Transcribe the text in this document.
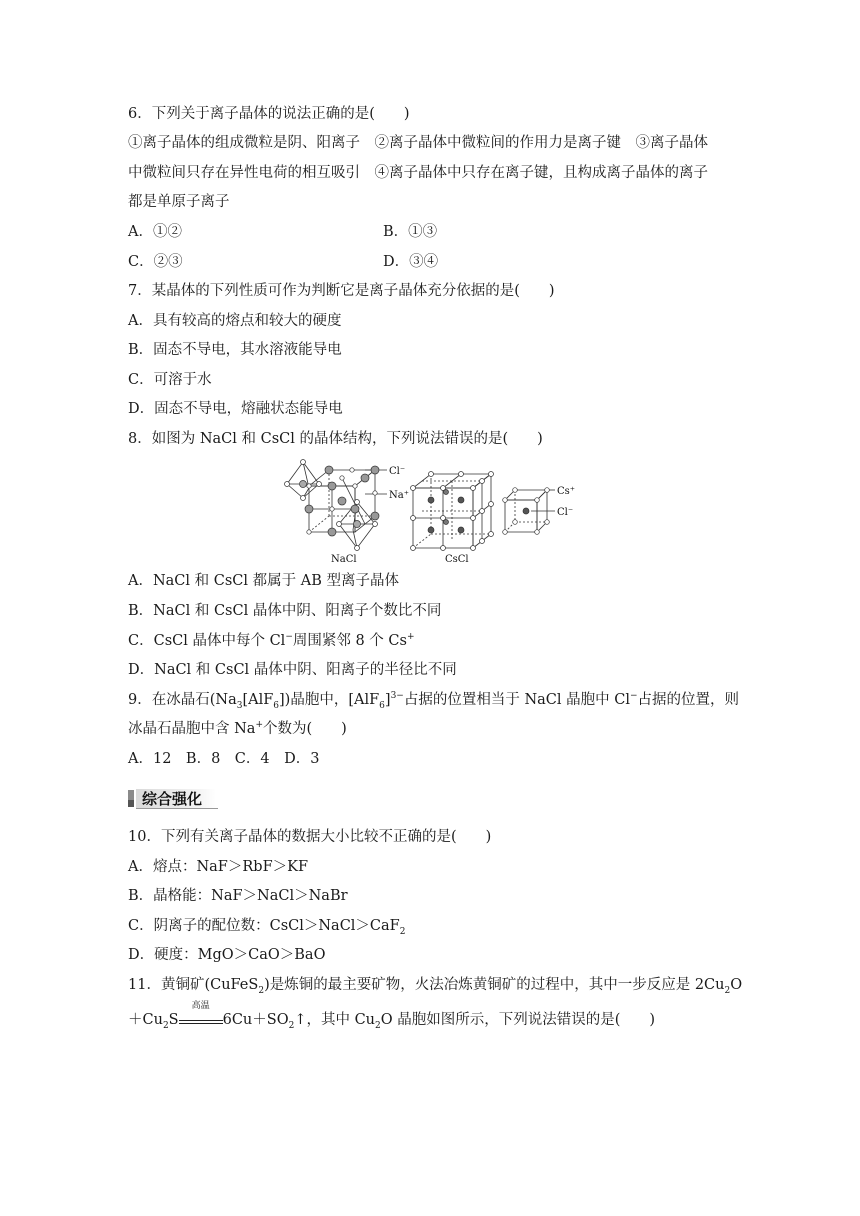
6．下列关于离子晶体的说法正确的是(　　)
①离子晶体的组成微粒是阴、阳离子　②离子晶体中微粒间的作用力是离子键　③离子晶体
中微粒间只存在异性电荷的相互吸引　④离子晶体中只存在离子键，且构成离子晶体的离子
都是单原子离子
A．①②	B．①③
C．②③	D．③④
7．某晶体的下列性质可作为判断它是离子晶体充分依据的是(　　)
A．具有较高的熔点和较大的硬度
B．固态不导电，其水溶液能导电
C．可溶于水
D．固态不导电，熔融状态能导电
8．如图为 NaCl 和 CsCl 的晶体结构，下列说法错误的是(　　)
Cl⁻
Na⁺
NaCl	CsCl
Cs⁺
Cl⁻
A．NaCl 和 CsCl 都属于 AB 型离子晶体
B．NaCl 和 CsCl 晶体中阴、阳离子个数比不同
C．CsCl 晶体中每个 Cl−周围紧邻 8 个 Cs+
D．NaCl 和 CsCl 晶体中阴、阳离子的半径比不同
9．在冰晶石$(Na_3[AlF_6])$晶胞中，$[AlF_6]^{3-}$占据的位置相当于 NaCl 晶胞中 Cl−占据的位置，则
冰晶石晶胞中含 Na+个数为(　　)
A．12　B．8　C．4　D．3
综合强化
10．下列有关离子晶体的数据大小比较不正确的是(　　)
A．熔点：NaF＞RbF＞KF
B．晶格能：NaF＞NaCl＞NaBr
C．阴离子的配位数：CsCl＞NaCl＞CaF$_2$
D．硬度：MgO＞CaO＞BaO
11．黄铜矿(CuFeS$_2$)是炼铜的最主要矿物，火法冶炼黄铜矿的过程中，其中一步反应是 $2Cu_2O$
$+Cu_2S$
高温
$6Cu+SO_2↑$，其中 $Cu_2O$ 晶胞如图所示，下列说法错误的是(　　)
